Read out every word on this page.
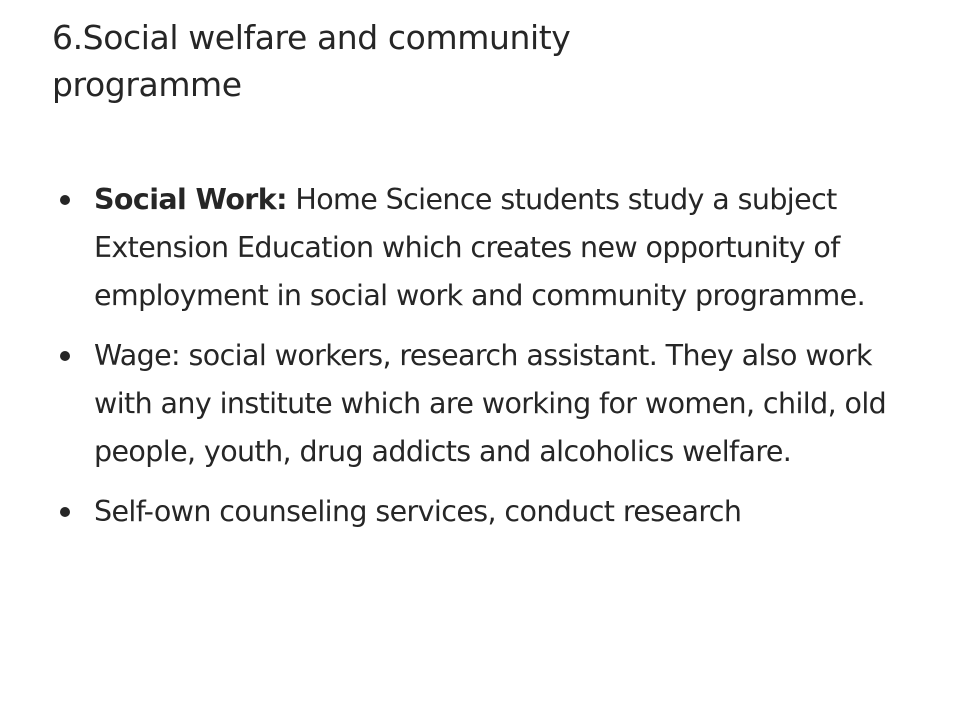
6.Social welfare and community programme
Social Work: Home Science students study a subject Extension Education which creates new opportunity of employment in social work and community programme.
Wage: social workers, research assistant. They also work with any institute which are working for women, child, old people, youth, drug addicts and alcoholics welfare.
Self-own counseling services, conduct research
